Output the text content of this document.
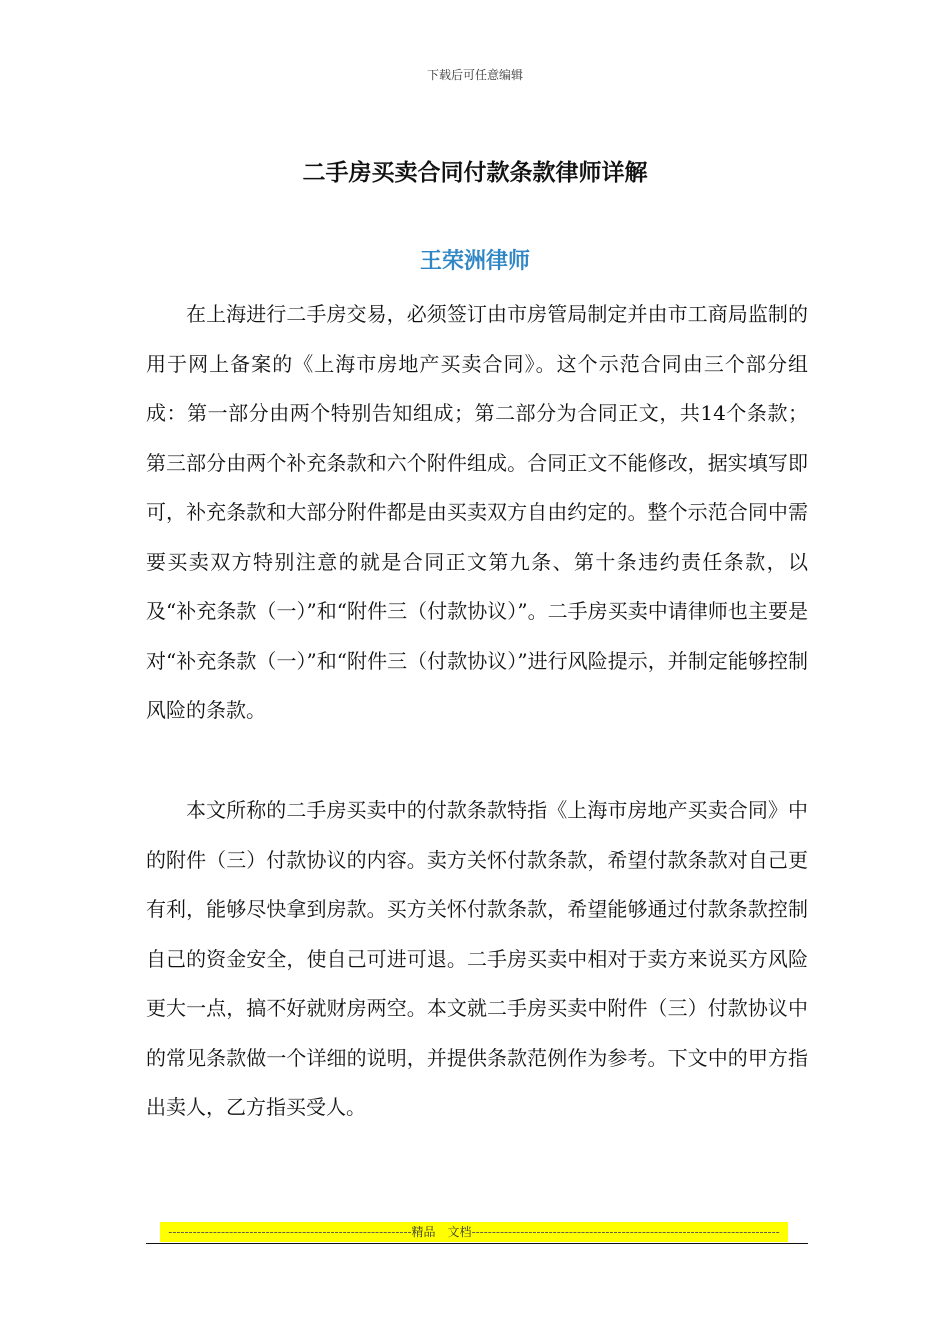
下载后可任意编辑
二手房买卖合同付款条款律师详解
王荣洲律师

在上海进行二手房交易，必须签订由市房管局制定并由市工商局监制的用于网上备案的《上海市房地产买卖合同》。这个示范合同由三个部分组成：第一部分由两个特别告知组成；第二部分为合同正文，共14个条款；第三部分由两个补充条款和六个附件组成。合同正文不能修改，据实填写即可，补充条款和大部分附件都是由买卖双方自由约定的。整个示范合同中需要买卖双方特别注意的就是合同正文第九条、第十条违约责任条款，以及“补充条款（一）”和“附件三（付款协议）”。二手房买卖中请律师也主要是对“补充条款（一）”和“附件三（付款协议）”进行风险提示，并制定能够控制风险的条款。

本文所称的二手房买卖中的付款条款特指《上海市房地产买卖合同》中的附件（三）付款协议的内容。卖方关怀付款条款，希望付款条款对自己更有利，能够尽快拿到房款。买方关怀付款条款，希望能够通过付款条款控制自己的资金安全，使自己可进可退。二手房买卖中相对于卖方来说买方风险更大一点，搞不好就财房两空。本文就二手房买卖中附件（三）付款协议中的常见条款做一个详细的说明，并提供条款范例作为参考。下文中的甲方指出卖人，乙方指买受人。

------------------------------------------------------------精品　文档----------------------------------------------------------------------------
